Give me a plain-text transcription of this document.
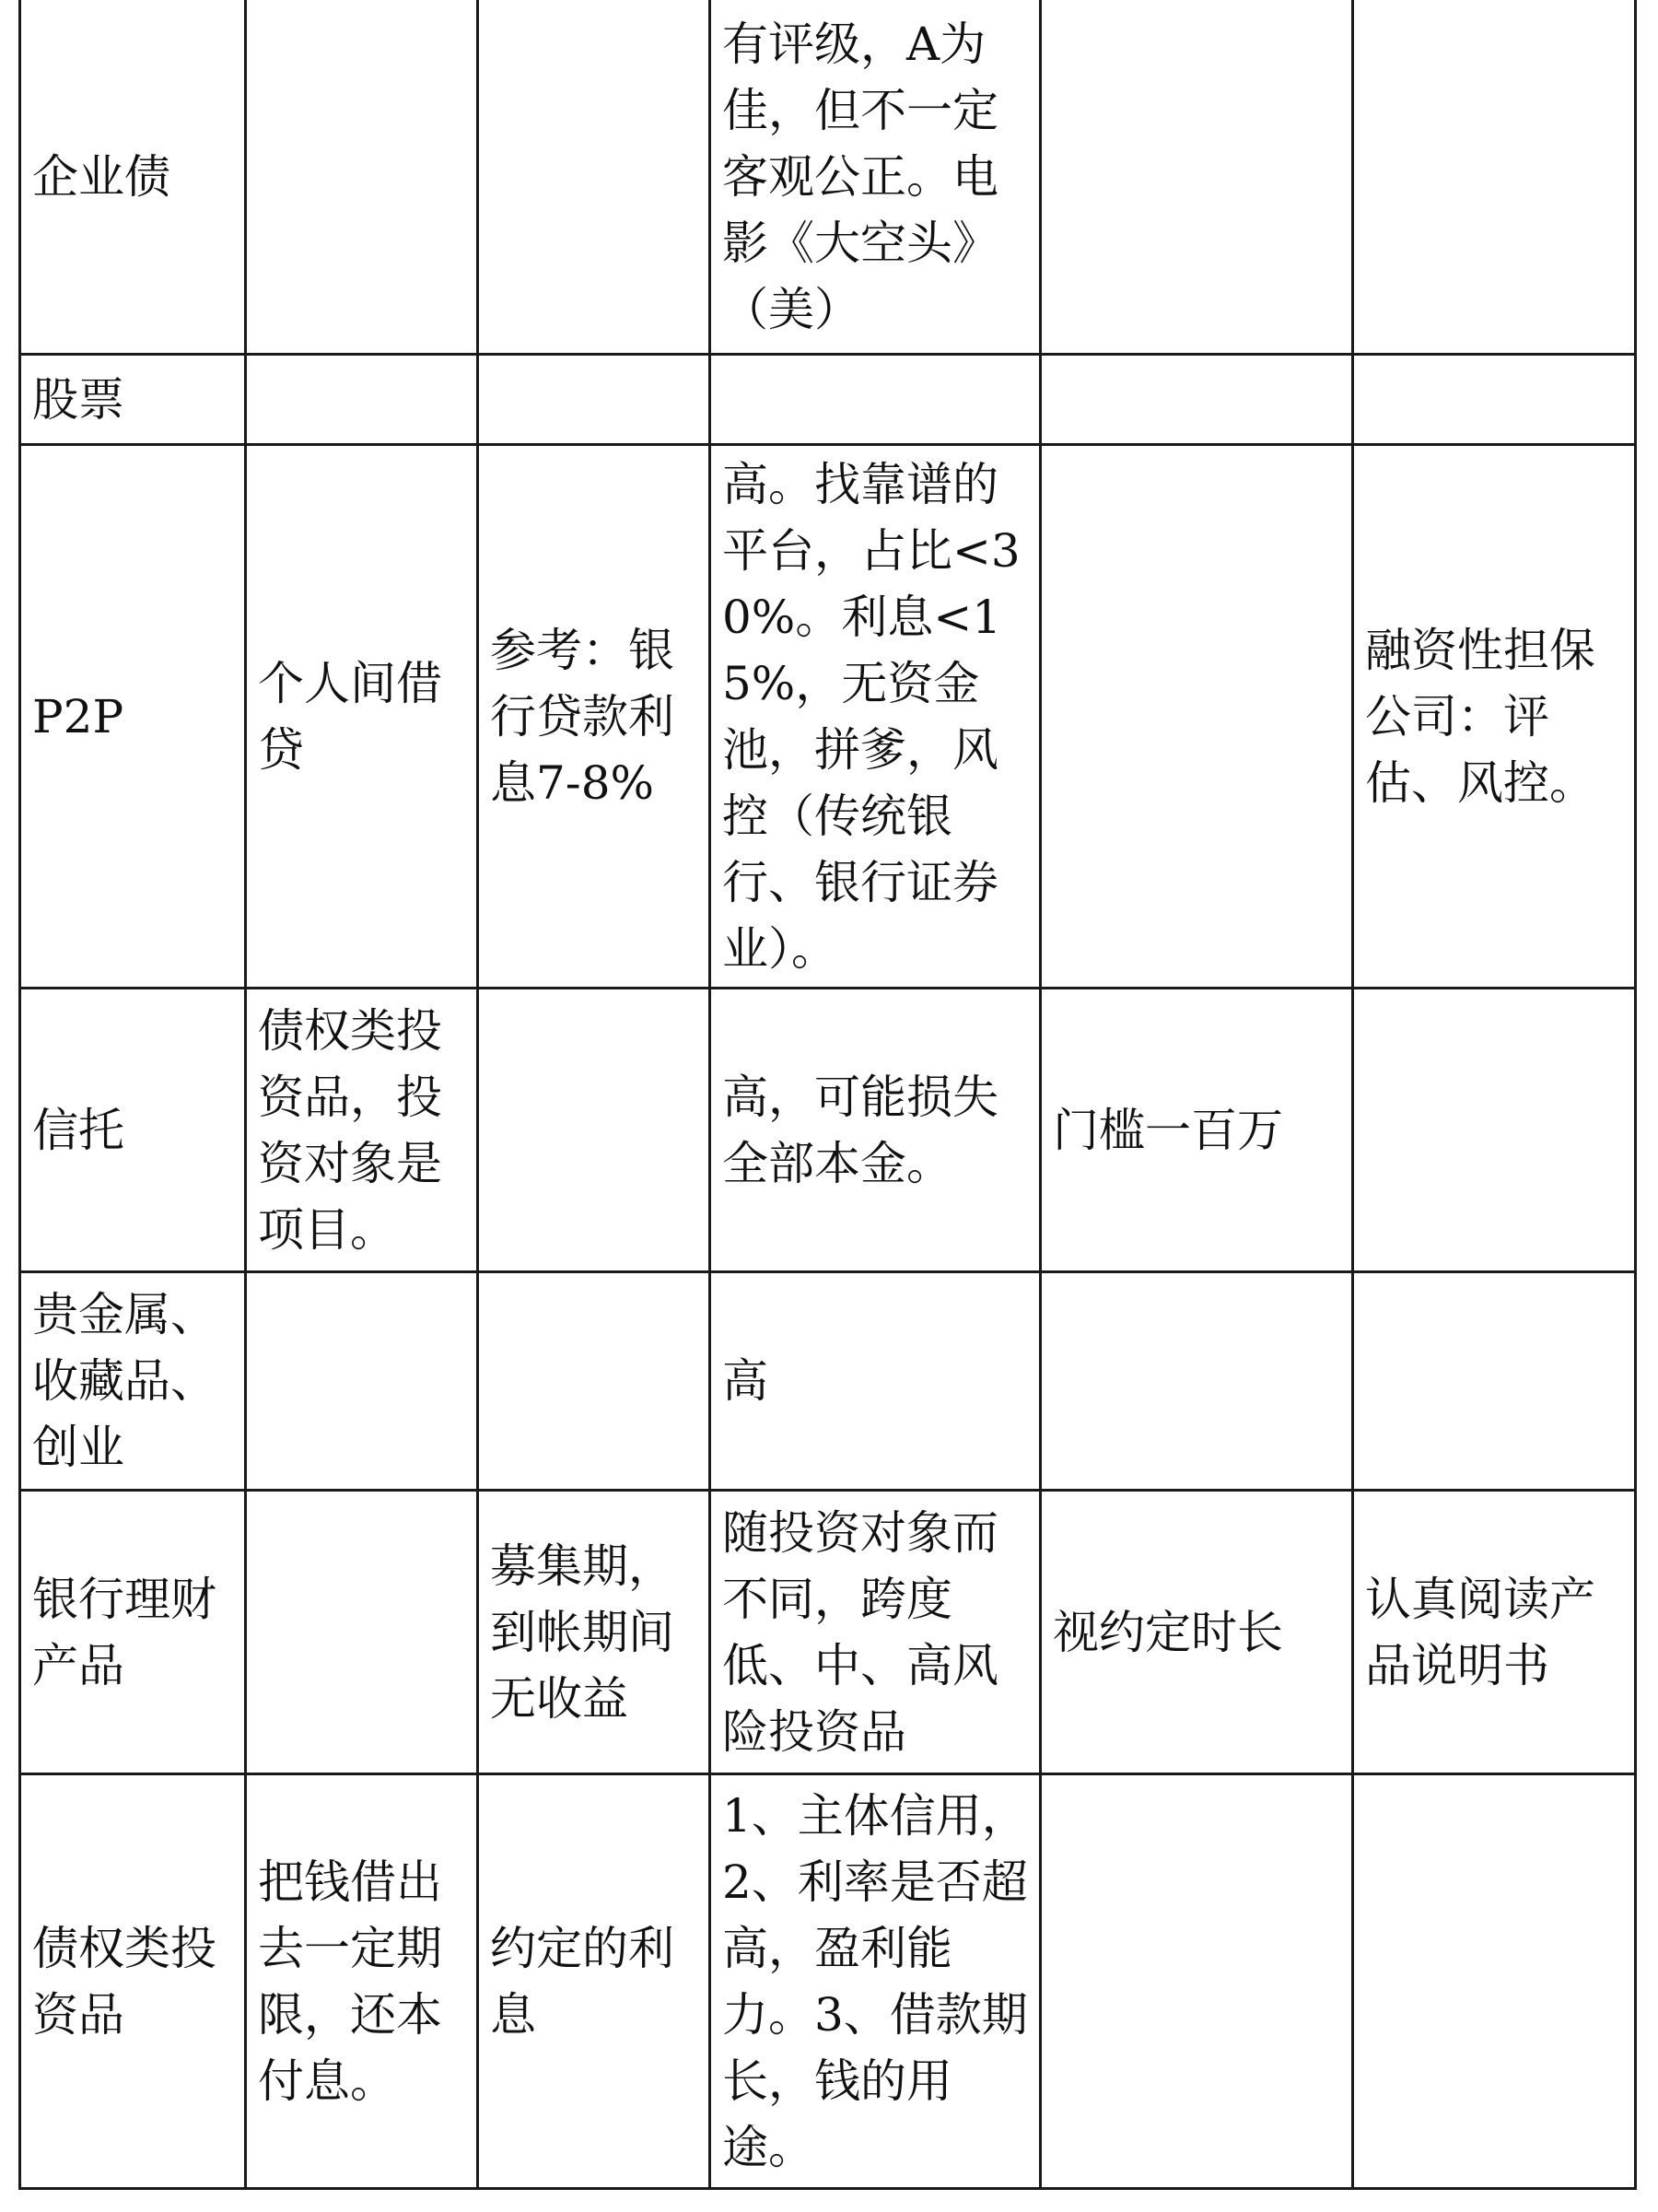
企业债			有评级，A为佳，但不一定客观公正。电影《大空头》（美）		
股票					
P2P	个人间借贷	参考：银行贷款利息7-8%	高。找靠谱的平台，占比<30%。利息<15%，无资金池，拼爹，风控（传统银行、银行证券业）。		融资性担保公司：评估、风控。
信托	债权类投资品，投资对象是项目。		高，可能损失全部本金。	门槛一百万	
贵金属、收藏品、创业			高		
银行理财产品		募集期，到帐期间无收益	随投资对象而不同，跨度低、中、高风险投资品	视约定时长	认真阅读产品说明书
债权类投资品	把钱借出去一定期限，还本付息。	约定的利息	1、主体信用，2、利率是否超高，盈利能力。3、借款期长，钱的用途。		
